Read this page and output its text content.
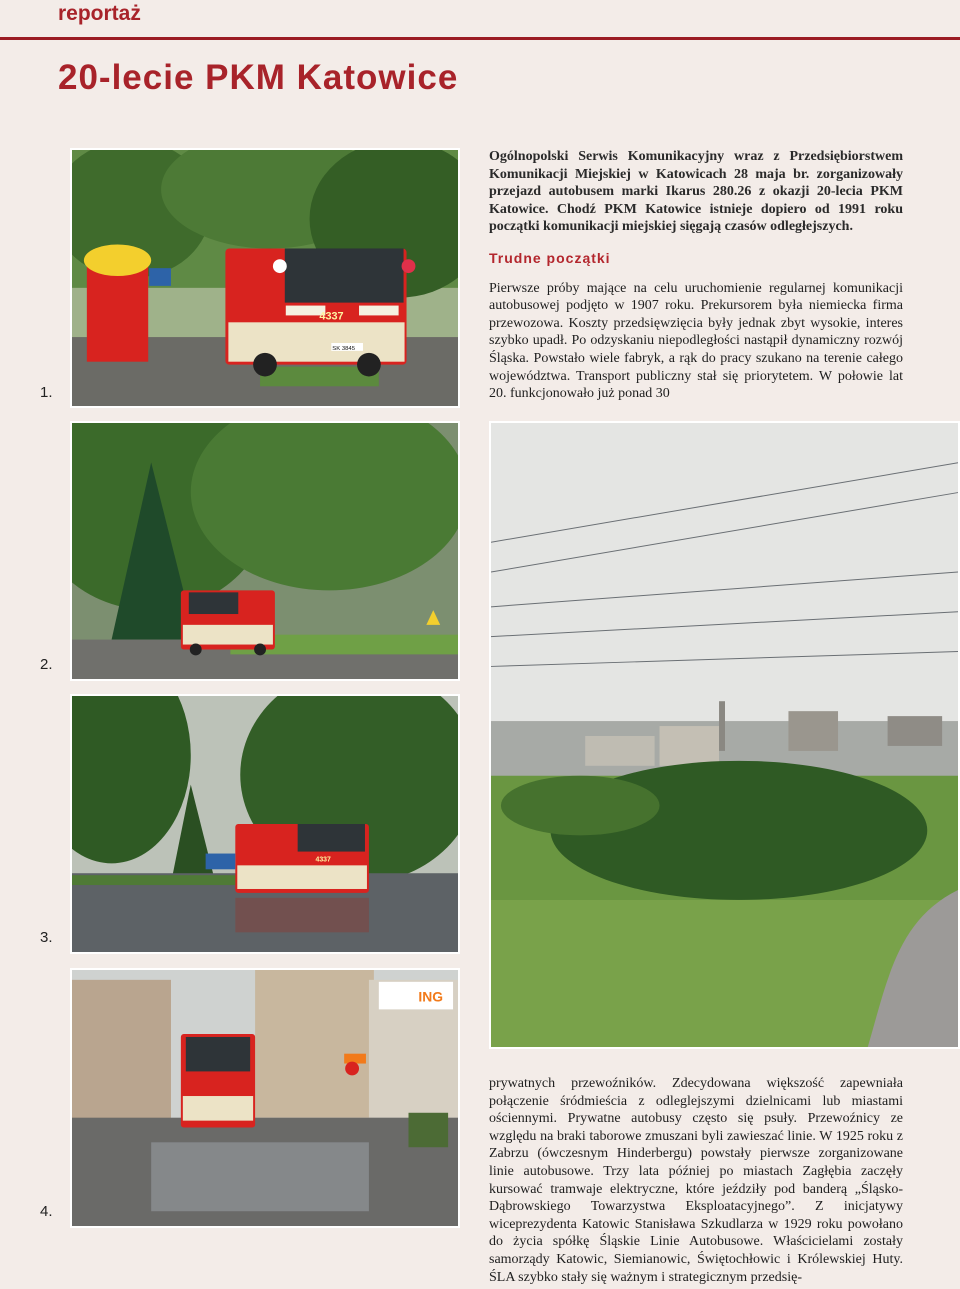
reportaż
20-lecie PKM Katowice
4337
SK 3845
1.

Ogólnopolski Serwis Komunikacyjny wraz z Przedsiębiorstwem Komunikacji Miejskiej w Katowicach 28 maja br. zorganizowały przejazd autobusem marki Ikarus 280.26 z okazji 20-lecia PKM Katowice. Chodź PKM Katowice istnieje dopiero od 1991 roku początki komunikacji miejskiej sięgają czasów odległejszych.

Trudne początki

Pierwsze próby mające na celu uruchomienie regularnej komunikacji autobusowej podjęto w 1907 roku. Prekursorem była niemiecka firma przewozowa. Koszty przedsięwzięcia były jednak zbyt wysokie, interes szybko upadł. Po odzyskaniu niepodległości nastąpił dynamiczny rozwój Śląska. Powstało wiele fabryk, a rąk do pracy szukano na terenie całego województwa. Transport publiczny stał się priorytetem. W połowie lat 20. funkcjonowało już ponad 30

2.
4337
3.
ING
4.

prywatnych przewoźników. Zdecydowana większość zapewniała połączenie śródmieścia z odleglejszymi dzielnicami lub miastami ościennymi. Prywatne autobusy często się psuły. Przewoźnicy ze względu na braki taborowe zmuszani byli zawieszać linie. W 1925 roku z Zabrzu (ówczesnym Hinderbergu) powstały pierwsze zorganizowane linie autobusowe. Trzy lata później po miastach Zagłębia zaczęły kursować tramwaje elektryczne, które jeździły pod banderą „Śląsko-Dąbrowskiego Towarzystwa Eksploatacyjnego”. Z inicjatywy wiceprezydenta Katowic Stanisława Szkudlarza w 1929 roku powołano do życia spółkę Śląskie Linie Autobusowe. Właścicielami zostały samorządy Katowic, Siemianowic, Świętochłowic i Królewskiej Huty. ŚLA szybko stały się ważnym i strategicznym przedsię-
